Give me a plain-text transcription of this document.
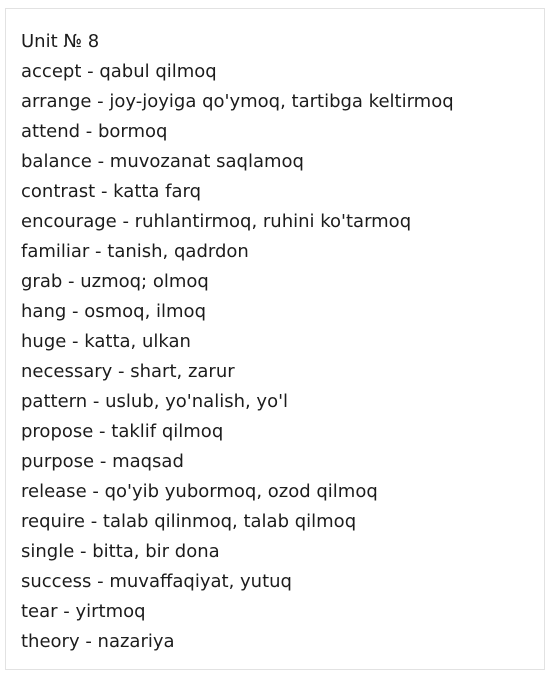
Unit № 8
accept - qabul qilmoq
arrange - joy-joyiga qo'ymoq, tartibga keltirmoq
attend - bormoq
balance - muvozanat saqlamoq
contrast - katta farq
encourage - ruhlantirmoq, ruhini ko'tarmoq
familiar - tanish, qadrdon
grab - uzmoq; olmoq
hang - osmoq, ilmoq
huge - katta, ulkan
necessary - shart, zarur
pattern - uslub, yo'nalish, yo'l
propose - taklif qilmoq
purpose - maqsad
release - qo'yib yubormoq, ozod qilmoq
require - talab qilinmoq, talab qilmoq
single - bitta, bir dona
success - muvaffaqiyat, yutuq
tear - yirtmoq
theory - nazariya
